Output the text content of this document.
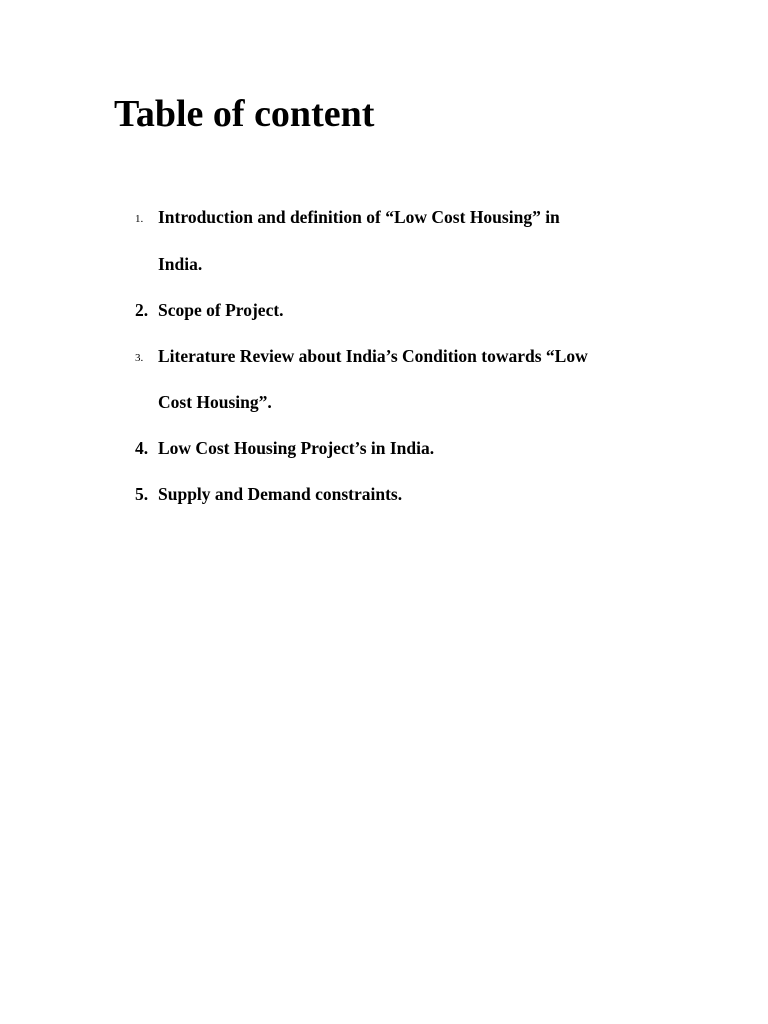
Table of content
1. Introduction and definition of “Low Cost Housing” in
India.
2. Scope of Project.
3. Literature Review about India’s Condition towards “Low
Cost Housing”.
4. Low Cost Housing Project’s in India.
5. Supply and Demand constraints.
